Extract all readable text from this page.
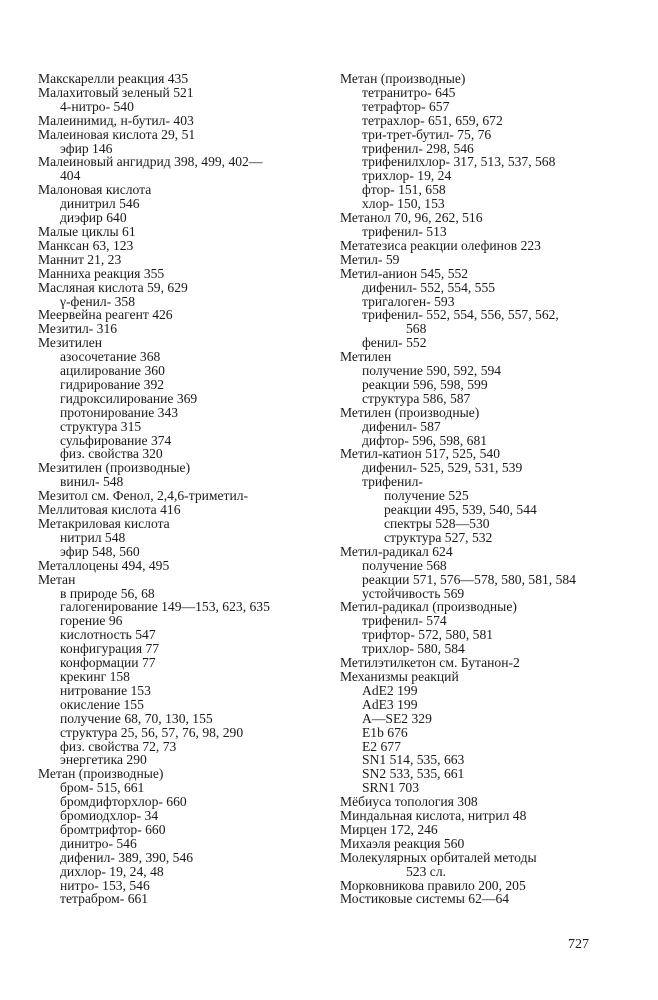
Макскарелли реакция 435

Малахитовый зеленый 521

4-нитро- 540

Малеинимид, н-бутил- 403

Малеиновая кислота 29, 51

эфир 146

Малеиновый ангидрид 398, 499, 402—

404

Малоновая кислота

динитрил 546

диэфир 640

Малые циклы 61

Манксан 63, 123

Маннит 21, 23

Манниха реакция 355

Масляная кислота 59, 629

γ-фенил- 358

Меервейна реагент 426

Мезитил- 316

Мезитилен

азосочетание 368

ацилирование 360

гидрирование 392

гидроксилирование 369

протонирование 343

структура 315

сульфирование 374

физ. свойства 320

Мезитилен (производные)

винил- 548

Мезитол см. Фенол, 2,4,6-триметил-

Меллитовая кислота 416

Метакриловая кислота

нитрил 548

эфир 548, 560

Металлоцены 494, 495

Метан

в природе 56, 68

галогенирование 149—153, 623, 635

горение 96

кислотность 547

конфигурация 77

конформации 77

крекинг 158

нитрование 153

окисление 155

получение 68, 70, 130, 155

структура 25, 56, 57, 76, 98, 290

физ. свойства 72, 73

энергетика 290

Метан (производные)

бром- 515, 661

бромдифторхлор- 660

бромиодхлор- 34

бромтрифтор- 660

динитро- 546

дифенил- 389, 390, 546

дихлор- 19, 24, 48

нитро- 153, 546

тетрабром- 661

Метан (производные)

тетранитро- 645

тетрафтор- 657

тетрахлор- 651, 659, 672

три-трет-бутил- 75, 76

трифенил- 298, 546

трифенилхлор- 317, 513, 537, 568

трихлор- 19, 24

фтор- 151, 658

хлор- 150, 153

Метанол 70, 96, 262, 516

трифенил- 513

Метатезиса реакции олефинов 223

Метил- 59

Метил-анион 545, 552

дифенил- 552, 554, 555

тригалоген- 593

трифенил- 552, 554, 556, 557, 562,

568

фенил- 552

Метилен

получение 590, 592, 594

реакции 596, 598, 599

структура 586, 587

Метилен (производные)

дифенил- 587

дифтор- 596, 598, 681

Метил-катион 517, 525, 540

дифенил- 525, 529, 531, 539

трифенил-

получение 525

реакции 495, 539, 540, 544

спектры 528—530

структура 527, 532

Метил-радикал 624

получение 568

реакции 571, 576—578, 580, 581, 584

устойчивость 569

Метил-радикал (производные)

трифенил- 574

трифтор- 572, 580, 581

трихлор- 580, 584

Метилэтилкетон см. Бутанон-2

Механизмы реакций

AdE2 199

AdE3 199

A—SE2 329

E1b 676

E2 677

SN1 514, 535, 663

SN2 533, 535, 661

SRN1 703

Мёбиуса топология 308

Миндальная кислота, нитрил 48

Мирцен 172, 246

Михаэля реакция 560

Молекулярных орбиталей методы

523 сл.

Морковникова правило 200, 205

Мостиковые системы 62—64

727
